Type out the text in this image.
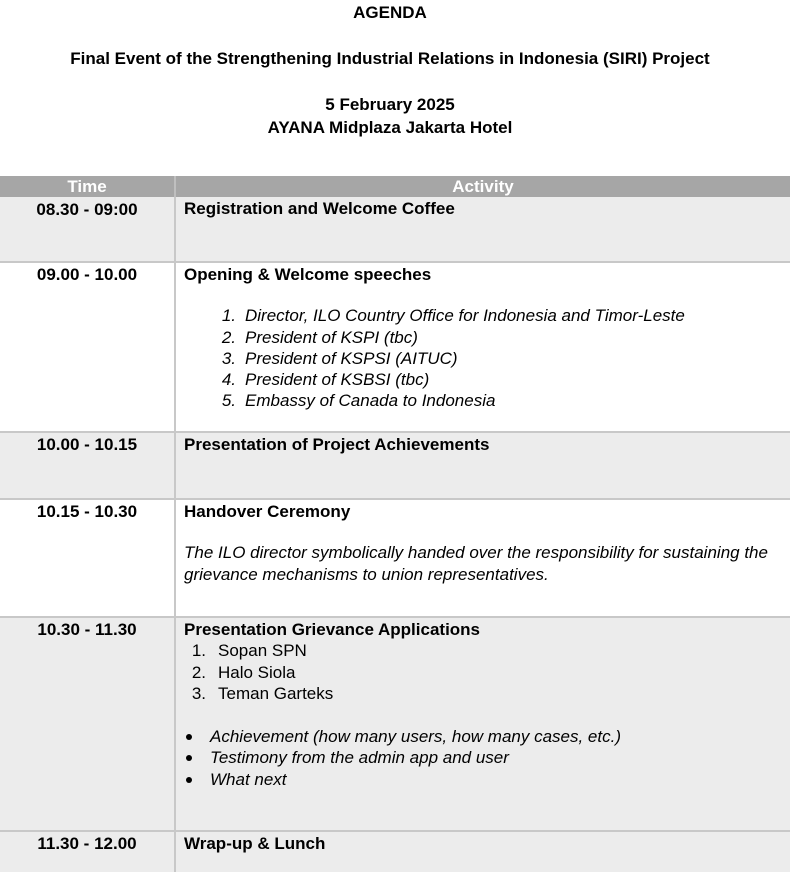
AGENDA
Final Event of the Strengthening Industrial Relations in Indonesia (SIRI) Project
5 February 2025
AYANA Midplaza Jakarta Hotel
Time	Activity
08.30 - 09:00	Registration and Welcome Coffee
09.00 - 10.00	Opening & Welcome speeches
1. Director, ILO Country Office for Indonesia and Timor-Leste
2. President of KSPI (tbc)
3. President of KSPSI (AITUC)
4. President of KSBSI (tbc)
5. Embassy of Canada to Indonesia
10.00 - 10.15	Presentation of Project Achievements
10.15 - 10.30	Handover Ceremony
The ILO director symbolically handed over the responsibility for sustaining the grievance mechanisms to union representatives.
10.30 - 11.30	Presentation Grievance Applications
1. Sopan SPN
2. Halo Siola
3. Teman Garteks
Achievement (how many users, how many cases, etc.)
Testimony from the admin app and user
What next
11.30 - 12.00	Wrap-up & Lunch
